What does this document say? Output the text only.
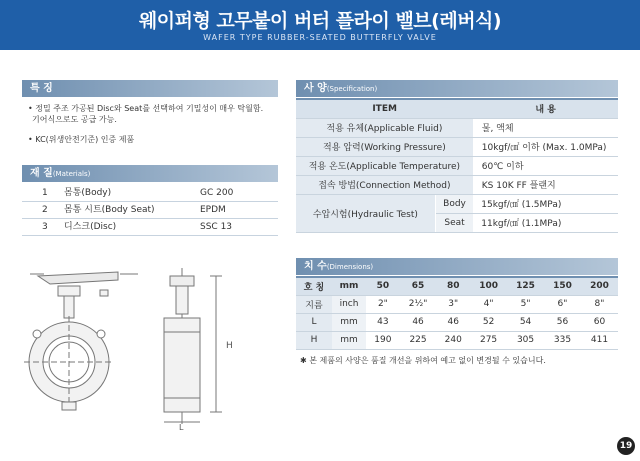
웨이퍼형 고무붙이 버터 플라이 밸브(레버식)
WAFER TYPE RUBBER-SEATED BUTTERFLY VALVE
특 징
• 정밀 주조 가공된 Disc와 Seat를 선택하여 기밀성이 매우 탁월함.
기어식으로도 공급 가능.
• KC(위생안전기준) 인증 제품
재 질(Materials)
1 몸통(Body)	GC 200
2 몸통 시트(Body Seat)	EPDM
3 디스크(Disc)	SSC 13
H
L
사 양(Specification)
ITEM		내 용
적용 유체(Applicable Fluid)		물, 액체
적용 압력(Working Pressure)		10kgf/㎠ 이하 (Max. 1.0MPa)
적용 온도(Applicable Temperature)		60℃ 이하
접속 방법(Connection Method)		KS 10K FF 플랜지
수압시험(Hydraulic Test)	Body	15kgf/㎠ (1.5MPa)
	Seat	11kgf/㎠ (1.1MPa)
치 수(Dimensions)
호 칭	mm	50	65	80	100	125	150	200
지름	inch	2"	2½"	3"	4"	5"	6"	8"
L	mm	43	46	46	52	54	56	60
H	mm	190	225	240	275	305	335	411
✱ 본 제품의 사양은 품질 개선을 위하여 예고 없이 변경될 수 있습니다.
19
